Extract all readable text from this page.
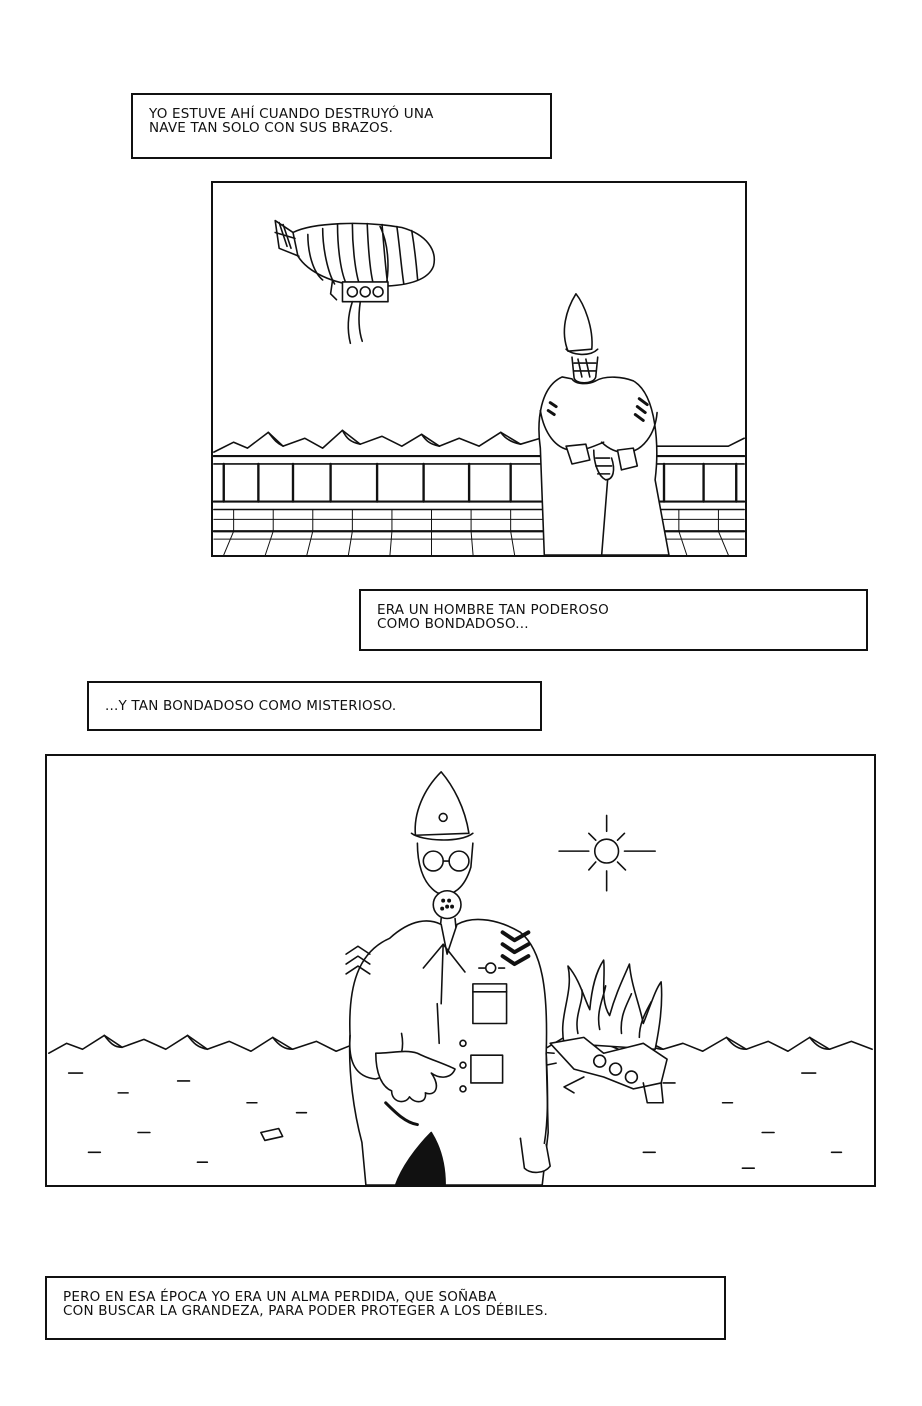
YO ESTUVE AHÍ CUANDO DESTRUYÓ UNA
NAVE TAN SOLO CON SUS BRAZOS.
ERA UN HOMBRE TAN PODEROSO
COMO BONDADOSO...
...Y TAN BONDADOSO COMO MISTERIOSO.
PERO EN ESA ÉPOCA YO ERA UN ALMA PERDIDA, QUE SOÑABA
CON BUSCAR LA GRANDEZA, PARA PODER PROTEGER A LOS DÉBILES.
